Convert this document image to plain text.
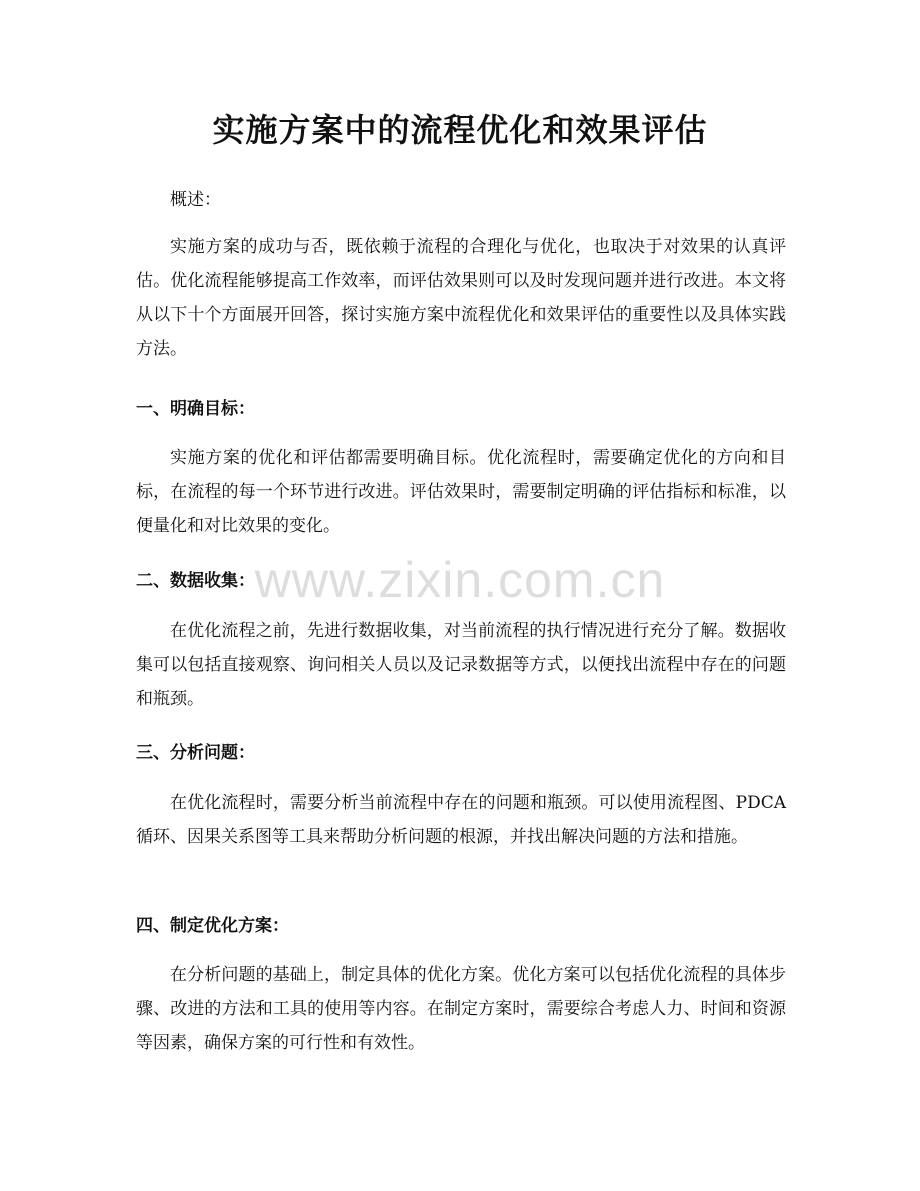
实施方案中的流程优化和效果评估

概述：

实施方案的成功与否，既依赖于流程的合理化与优化，也取决于对效果的认真评估。优化流程能够提高工作效率，而评估效果则可以及时发现问题并进行改进。本文将从以下十个方面展开回答，探讨实施方案中流程优化和效果评估的重要性以及具体实践方法。

一、明确目标：

实施方案的优化和评估都需要明确目标。优化流程时，需要确定优化的方向和目标，在流程的每一个环节进行改进。评估效果时，需要制定明确的评估指标和标准，以便量化和对比效果的变化。

二、数据收集：

在优化流程之前，先进行数据收集，对当前流程的执行情况进行充分了解。数据收集可以包括直接观察、询问相关人员以及记录数据等方式，以便找出流程中存在的问题和瓶颈。

三、分析问题：

在优化流程时，需要分析当前流程中存在的问题和瓶颈。可以使用流程图、PDCA 循环、因果关系图等工具来帮助分析问题的根源，并找出解决问题的方法和措施。

四、制定优化方案：

在分析问题的基础上，制定具体的优化方案。优化方案可以包括优化流程的具体步骤、改进的方法和工具的使用等内容。在制定方案时，需要综合考虑人力、时间和资源等因素，确保方案的可行性和有效性。

www.zixin.com.cn
